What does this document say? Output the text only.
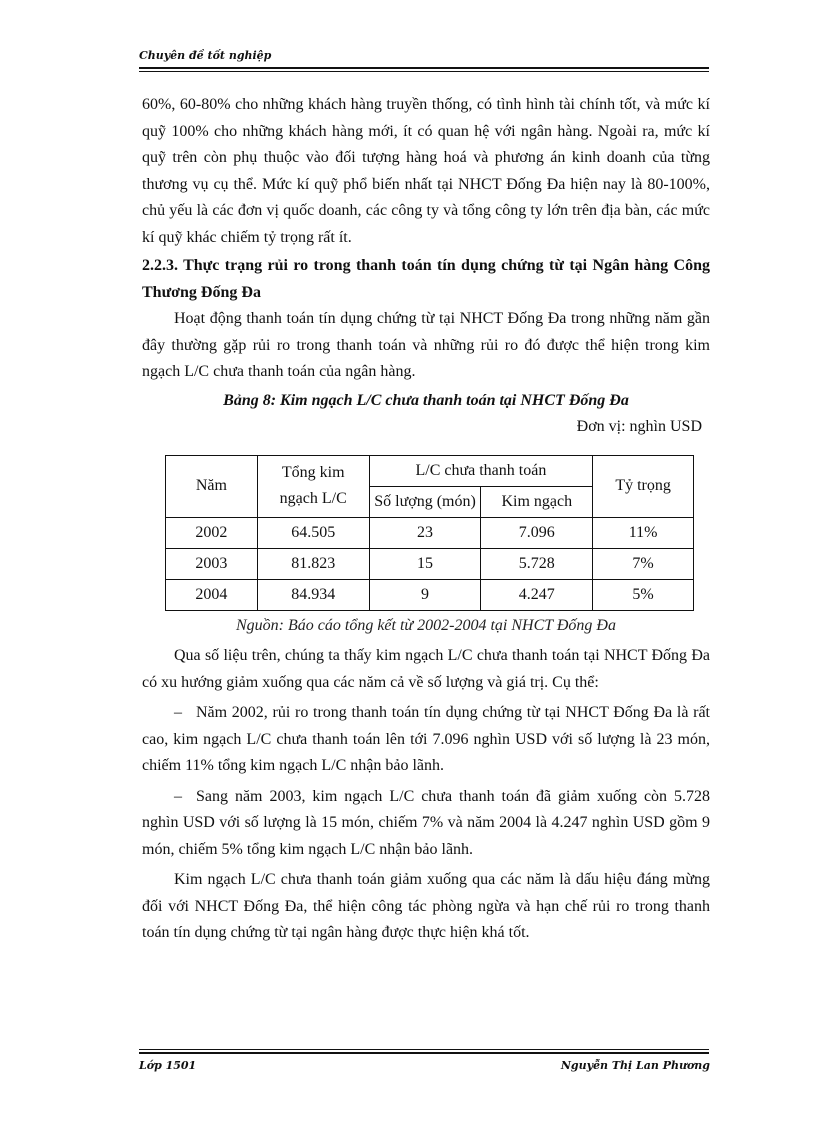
Chuyên đề tốt nghiệp

60%, 60-80% cho những khách hàng truyền thống, có tình hình tài chính tốt, và mức kí quỹ 100% cho những khách hàng mới, ít có quan hệ với ngân hàng. Ngoài ra, mức kí quỹ trên còn phụ thuộc vào đối tượng hàng hoá và phương án kinh doanh của từng thương vụ cụ thể. Mức kí quỹ phổ biến nhất tại NHCT Đống Đa hiện nay là 80-100%, chủ yếu là các đơn vị quốc doanh, các công ty và tổng công ty lớn trên địa bàn, các mức kí quỹ khác chiếm tỷ trọng rất ít.

2.2.3. Thực trạng rủi ro trong thanh toán tín dụng chứng từ tại Ngân hàng Công Thương Đống Đa

Hoạt động thanh toán tín dụng chứng từ tại NHCT Đống Đa trong những năm gần đây thường gặp rủi ro trong thanh toán và những rủi ro đó được thể hiện trong kim ngạch L/C chưa thanh toán của ngân hàng.

Bảng 8: Kim ngạch L/C chưa thanh toán tại NHCT Đống Đa

Đơn vị: nghìn USD

Năm	Tổng kim ngạch L/C	L/C chưa thanh toán		Tỷ trọng
		Số lượng (món)	Kim ngạch	
2002	64.505	23	7.096	11%
2003	81.823	15	5.728	7%
2004	84.934	9	4.247	5%

Nguồn: Báo cáo tổng kết từ 2002-2004 tại NHCT Đống Đa

Qua số liệu trên, chúng ta thấy kim ngạch L/C chưa thanh toán tại NHCT Đống Đa có xu hướng giảm xuống qua các năm cả về số lượng và giá trị. Cụ thể:

– Năm 2002, rủi ro trong thanh toán tín dụng chứng từ tại NHCT Đống Đa là rất cao, kim ngạch L/C chưa thanh toán lên tới 7.096 nghìn USD với số lượng là 23 món, chiếm 11% tổng kim ngạch L/C nhận bảo lãnh.

– Sang năm 2003, kim ngạch L/C chưa thanh toán đã giảm xuống còn 5.728 nghìn USD với số lượng là 15 món, chiếm 7% và năm 2004 là 4.247 nghìn USD gồm 9 món, chiếm 5% tổng kim ngạch L/C nhận bảo lãnh.

Kim ngạch L/C chưa thanh toán giảm xuống qua các năm là dấu hiệu đáng mừng đối với NHCT Đống Đa, thể hiện công tác phòng ngừa và hạn chế rủi ro trong thanh toán tín dụng chứng từ tại ngân hàng được thực hiện khá tốt.

Lớp 1501	Nguyễn Thị Lan Phương
